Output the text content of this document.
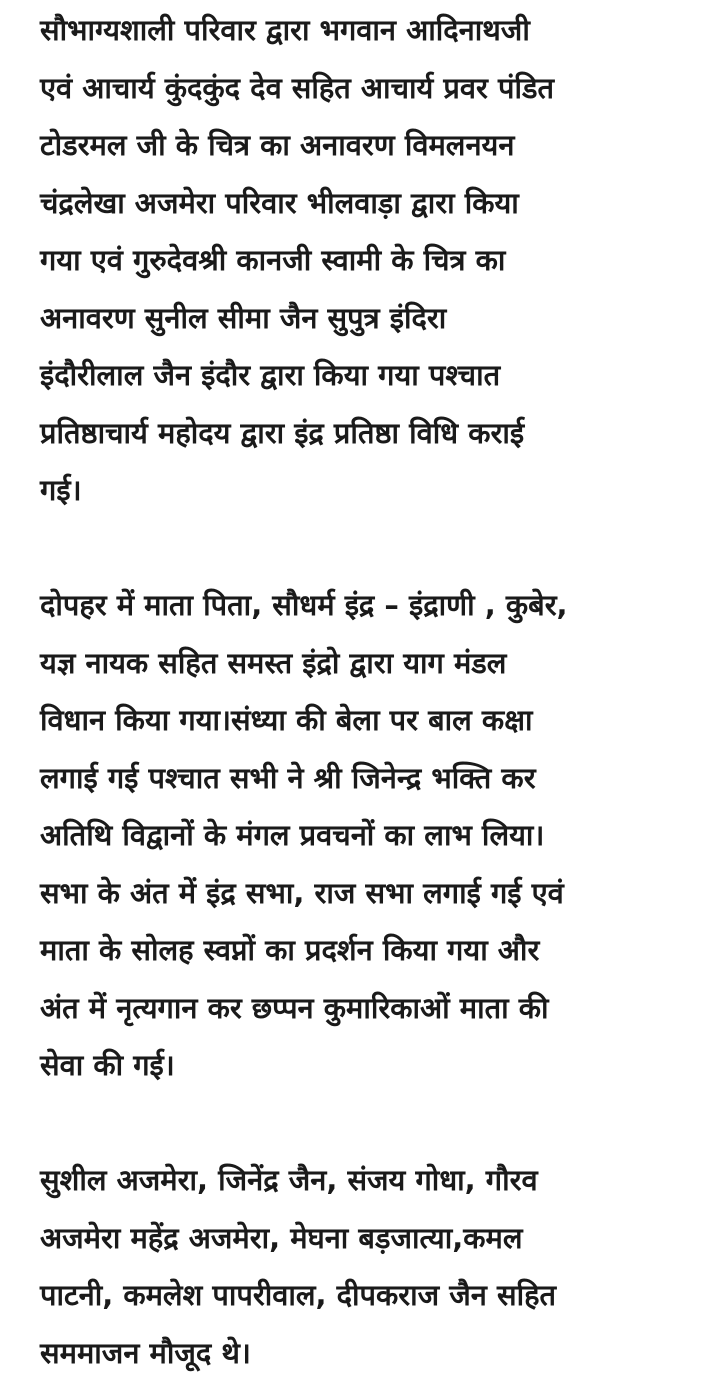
सौभाग्यशाली परिवार द्वारा भगवान आदिनाथजी
एवं आचार्य कुंदकुंद देव सहित आचार्य प्रवर पंडित
टोडरमल जी के चित्र का अनावरण विमलनयन
चंद्रलेखा अजमेरा परिवार भीलवाड़ा द्वारा किया
गया एवं गुरुदेवश्री कानजी स्वामी के चित्र का
अनावरण सुनील सीमा जैन सुपुत्र इंदिरा
इंदौरीलाल जैन इंदौर द्वारा किया गया पश्चात
प्रतिष्ठाचार्य महोदय द्वारा इंद्र प्रतिष्ठा विधि कराई
गई।

दोपहर में माता पिता, सौधर्म इंद्र – इंद्राणी , कुबेर,
यज्ञ नायक सहित समस्त इंद्रो द्वारा याग मंडल
विधान किया गया।संध्या की बेला पर बाल कक्षा
लगाई गई पश्चात सभी ने श्री जिनेन्द्र भक्ति कर
अतिथि विद्वानों के मंगल प्रवचनों का लाभ लिया।
सभा के अंत में इंद्र सभा, राज सभा लगाई गई एवं
माता के सोलह स्वप्नों का प्रदर्शन किया गया और
अंत में नृत्यगान कर छप्पन कुमारिकाओं माता की
सेवा की गई।

सुशील अजमेरा, जिनेंद्र जैन, संजय गोधा, गौरव
अजमेरा महेंद्र अजमेरा, मेघना बड़जात्या,कमल
पाटनी, कमलेश पापरीवाल, दीपकराज जैन सहित
सममाजन मौजूद थे।
